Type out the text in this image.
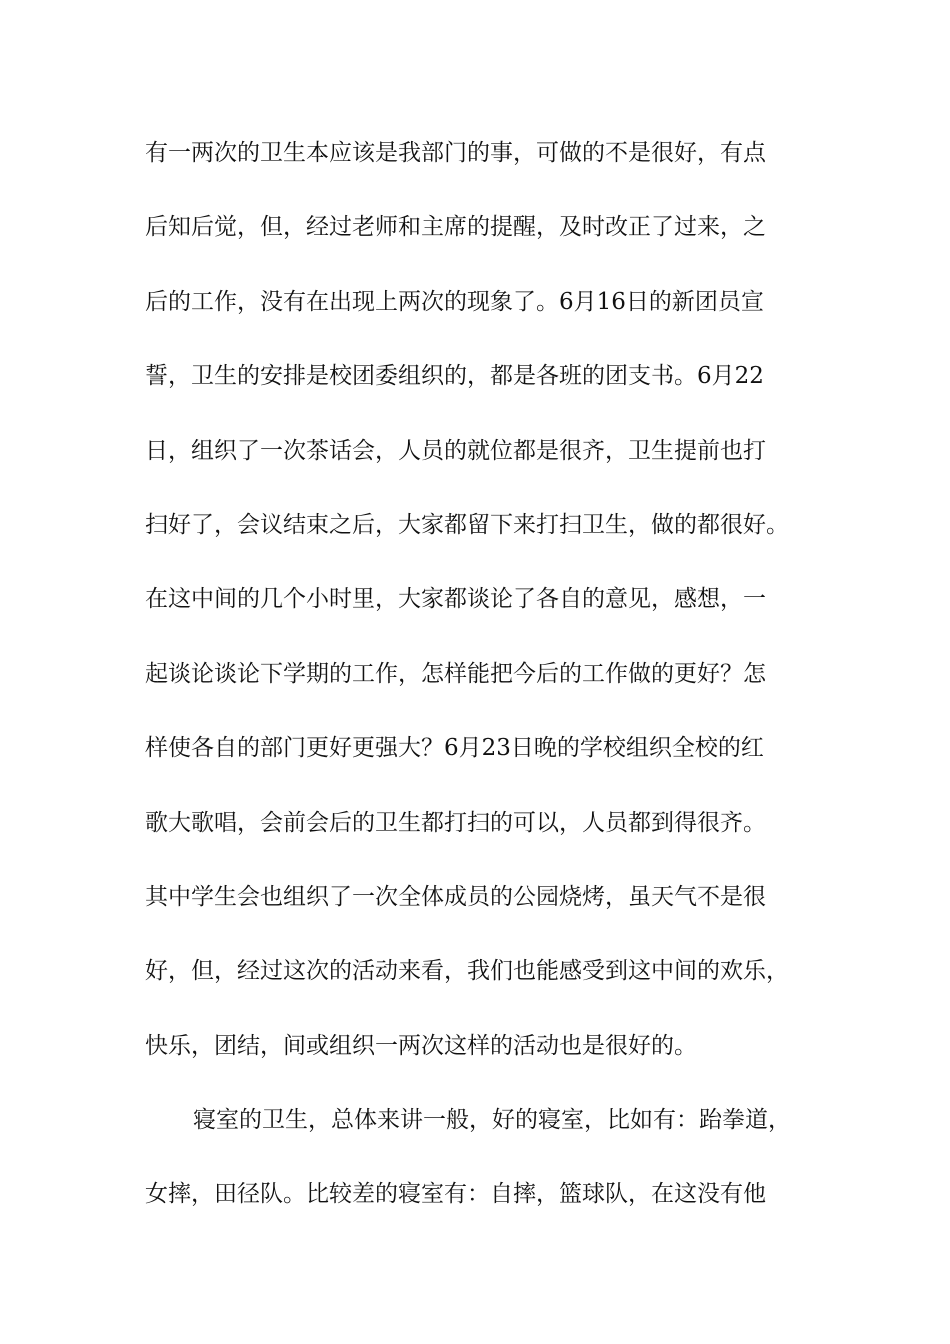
有一两次的卫生本应该是我部门的事，可做的不是很好，有点
后知后觉，但，经过老师和主席的提醒，及时改正了过来，之
后的工作，没有在出现上两次的现象了。6月16日的新团员宣
誓，卫生的安排是校团委组织的，都是各班的团支书。6月22
日，组织了一次茶话会，人员的就位都是很齐，卫生提前也打
扫好了，会议结束之后，大家都留下来打扫卫生，做的都很好。
在这中间的几个小时里，大家都谈论了各自的意见，感想，一
起谈论谈论下学期的工作，怎样能把今后的工作做的更好？怎
样使各自的部门更好更强大？6月23日晚的学校组织全校的红
歌大歌唱，会前会后的卫生都打扫的可以，人员都到得很齐。
其中学生会也组织了一次全体成员的公园烧烤，虽天气不是很
好，但，经过这次的活动来看，我们也能感受到这中间的欢乐，
快乐，团结，间或组织一两次这样的活动也是很好的。
寝室的卫生，总体来讲一般，好的寝室，比如有：跆拳道，
女摔，田径队。比较差的寝室有：自摔，篮球队，在这没有他
